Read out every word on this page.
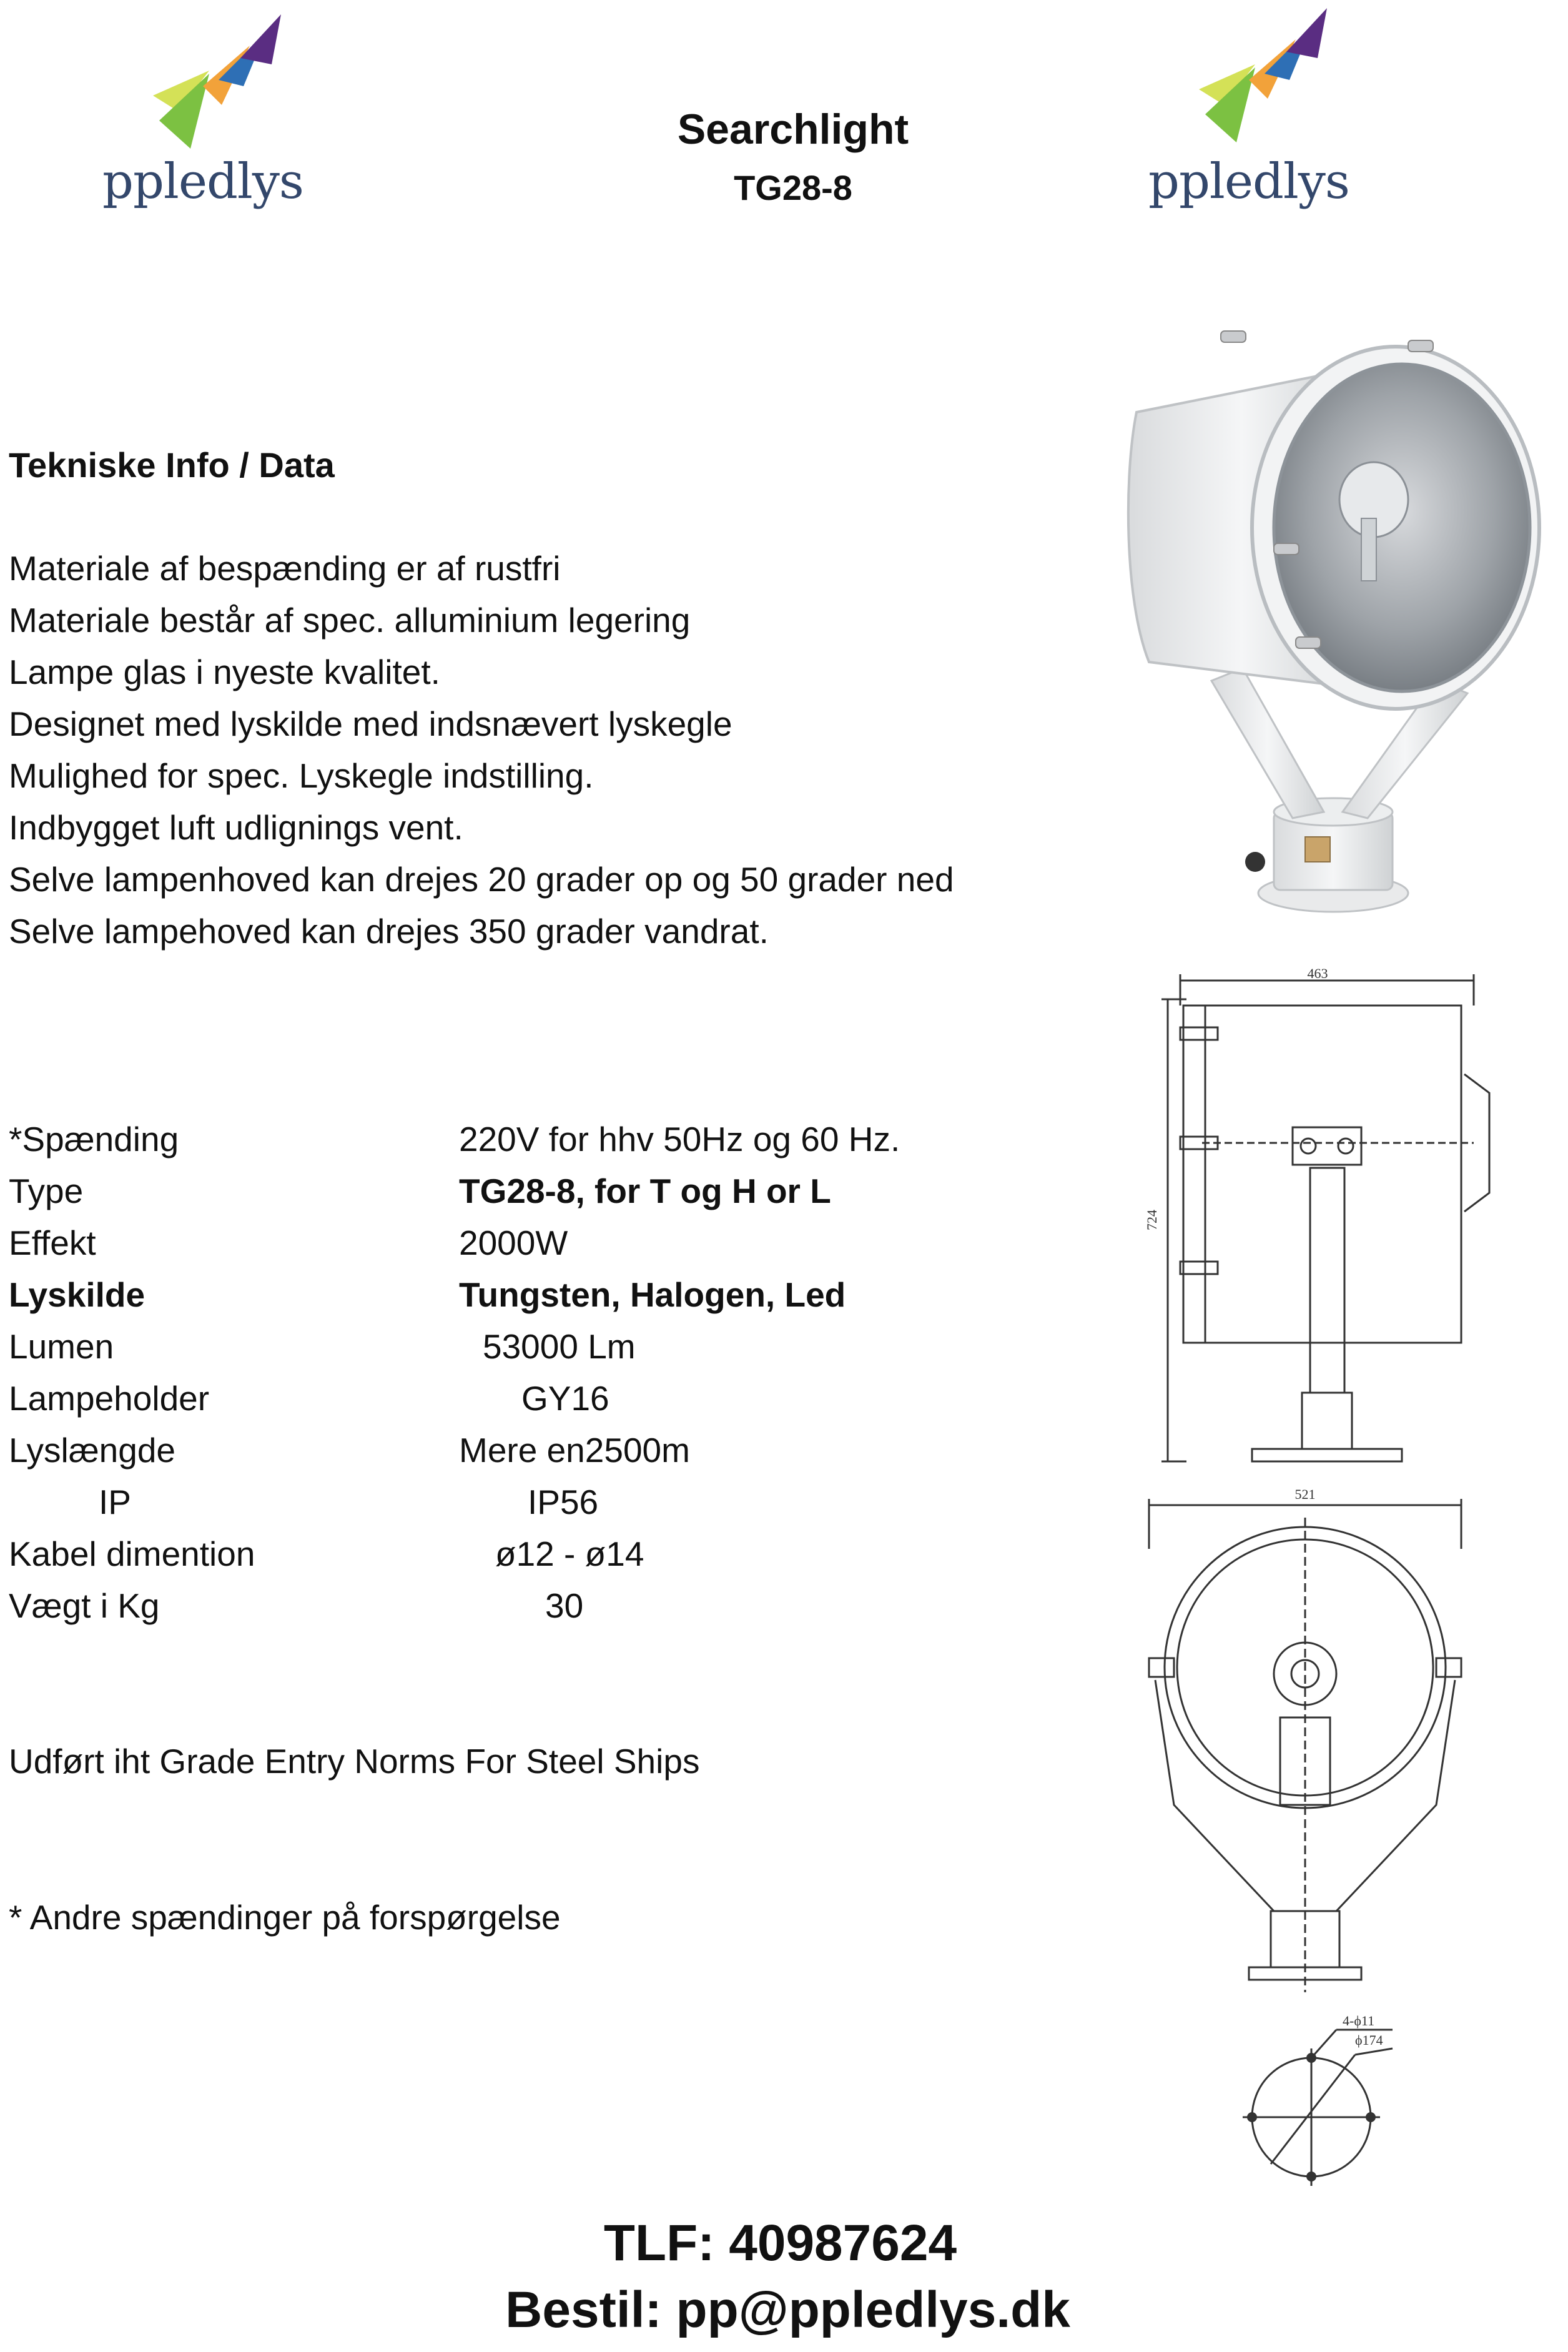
ppledlys	ppledlys
Searchlight
TG28-8
Tekniske Info / Data
Materiale af bespænding er af rustfri
Materiale består af spec. alluminium legering
Lampe glas i nyeste kvalitet.
Designet med lyskilde med indsnævert lyskegle
Mulighed for spec. Lyskegle indstilling.
Indbygget luft udlignings vent.
Selve lampenhoved kan drejes 20 grader op og 50 grader ned
Selve lampehoved kan drejes 350 grader vandrat.
*Spænding	220V for hhv 50Hz og 60 Hz.
Type	TG28-8, for T og H or L
Effekt	2000W
Lyskilde	Tungsten, Halogen, Led
Lumen	53000 Lm
Lampeholder	GY16
Lyslængde	Mere en2500m
IP	IP56
Kabel dimention	ø12 - ø14
Vægt i Kg	30
Udført iht Grade Entry Norms For Steel Ships
* Andre spændinger på forspørgelse
463
724
521
4-ϕ11
ϕ174
TLF: 40987624
Bestil: pp@ppledlys.dk
